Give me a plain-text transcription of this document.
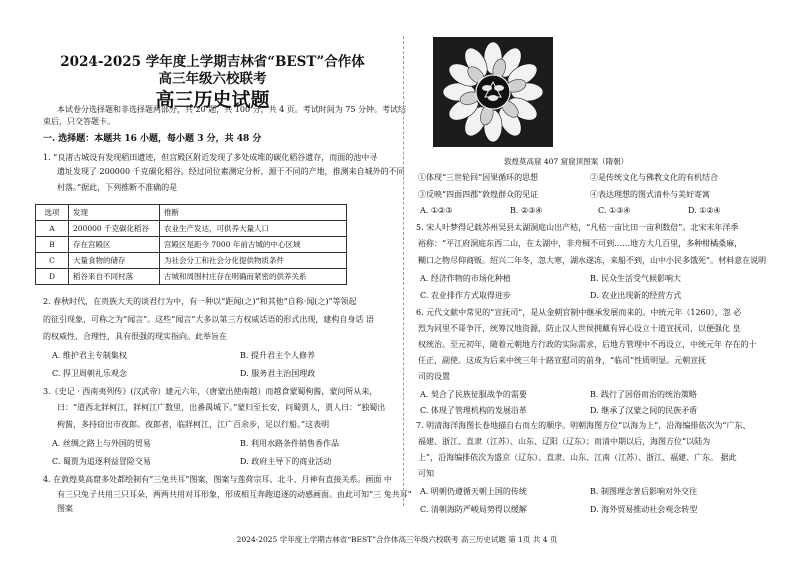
2024-2025 学年度上学期吉林省“BEST”合作体
高三年级六校联考
高三历史试题
本试卷分选择题和非选择题两部分，共 20 题，共 100 分，共 4 页。考试时间为 75 分钟。考试结
束后，只交答题卡。
一. 选择题：本题共 16 小题，每小题 3 分，共 48 分
1. “良渚古城设有发现稻田遗迹，但宫殿区附近发现了多处成堆的碳化稻谷遗存，而面的池中寻
遗址发现了 200000 千克碳化稻谷。经过同位素测定分析，源于不同的产地，推测来自城外的不同
村落。”据此，下列推断不准确的是
选项	发现	推断
A	200000 千克碳化稻谷	农业生产发达，可供养大量人口
B	存在宫殿区	宫殿区是距今 7000 年前古城的中心区域
C	大量食物的储存	为社会分工和社会分化提供物质条件
D	稻谷来自不同村落	古城和周围村庄存在明确而紧密的供养关系
2. 春秋时代，在贵族大夫的谈君行为中，有一种以“距闻(之)”和其他“自称·闻(之)”等领起
的征引现象，可称之为“闻言”。这些“闻言”大多以第三方权威话语的形式出现，建构自身话 语
的权威性、合理性，具有很强的现实指向。此举旨在
A. 维护君主专制集权	B. 提升君主个人修养
C. 捍卫周朝礼乐观念	D. 服务君主治国理政
3.《史记 · 西南夷列传》(汉武帝）建元六年，（唐蒙出使南越）而越食蒙蜀枸酱，蒙问所从来，
曰：“道西北牂柯江，牂柯江广数里，出番禺城下。”蒙归至长安，问蜀贾人，贾人曰：“独蜀出
枸酱，多持窃出市夜郎。夜郎者，临牂柯江，江广百余步，足以行船。”这表明
A. 丝绸之路上与外国的贸易	B. 利用水路条件销售香作品
C. 蜀贾为追逐利益冒险交易	D. 政府主导下的商业活动
4. 在敦煌莫高窟多处都绘制有“三兔共耳”图案，图案与莲荷宗耳、北斗、月神有直接关系。画面 中
有三只兔子共用三只耳朵，两两共用对耳形象，形成相互奔跑追逐的动感画面。由此可知“三 兔共耳”
图案
敦煌莫高窟 407 窟窟顶图案（隋朝）
①体现“三世轮回”因果循环的思想	②是传统文化与佛教文化的有机结合
③反映“四面四郡”敦煌群众的见证	④表达理想的图式清朴与美好寄寓
A. ①②③	B. ②③④	C. ①③④	D. ①②④
5. 宋人叶梦得记载苏州吴县太湖洞庭山出产桔，“凡桔一亩比田一亩利数倍”。北宋末年洋季
裕称：“平江府洞庭东西二山，在太湖中，非舟楫不可到……地方大几百里，多种柑橘桑麻，
糊口之物尽仰商贩。绍兴二年冬，忽大寒，湖水遂冻，来船不到，山中小民多饿死”。材料意在说明
A. 经济作物的市场化种植	B. 民众生活受气候影响大
C. 农业排作方式取得进步	D. 农业出现新的经营方式
6. 元代文献中常见的“宣抚司”，是从金朝官制中继承发展而来的。中统元年（1260），忽 必
烈为同里不哥争汗，统筹汉地资源，防止汉人世侯拥戴有异心设立十道宣抚司，以便强化 皇
权统治。至元初年，随着元朝地方行政的实际需求，后地方管理中不再设立，中统元年 存在的十
任正，副使。这成为后来中统三年十路宣慰司的前身，“临司”性质明显。元朝宣抚
司的设置
A. 契合了民族征服战争的需要	B. 践行了因俗而治的统治策略
C. 体现了管理机构的发展沿革	D. 继承了汉蒙之间的民族矛盾
7. 明清海洋海图长卷地描自右而左的顺序。明朝海图方位“以海为上”，沿海编排依次为“广东、
福建、浙江、直隶（江苏）、山东、辽阳（辽东）；而清中期以后，海图方位“以陆为
上”，沿海编排依次为盛京（辽东）、直隶、山东、江南（江苏）、浙江、福建、广东。 据此
可知
A. 明朝仍遵循天朝上国的传统	B. 制图理念普后影响对外交往
C. 清朝海防严峻局势得以缓解	D. 海外贸易推动社会观念转型
2024-2025 学年度上学期吉林省“BEST”合作体高三年级六校联考 高三历史试题 第 1页 共 4 页
